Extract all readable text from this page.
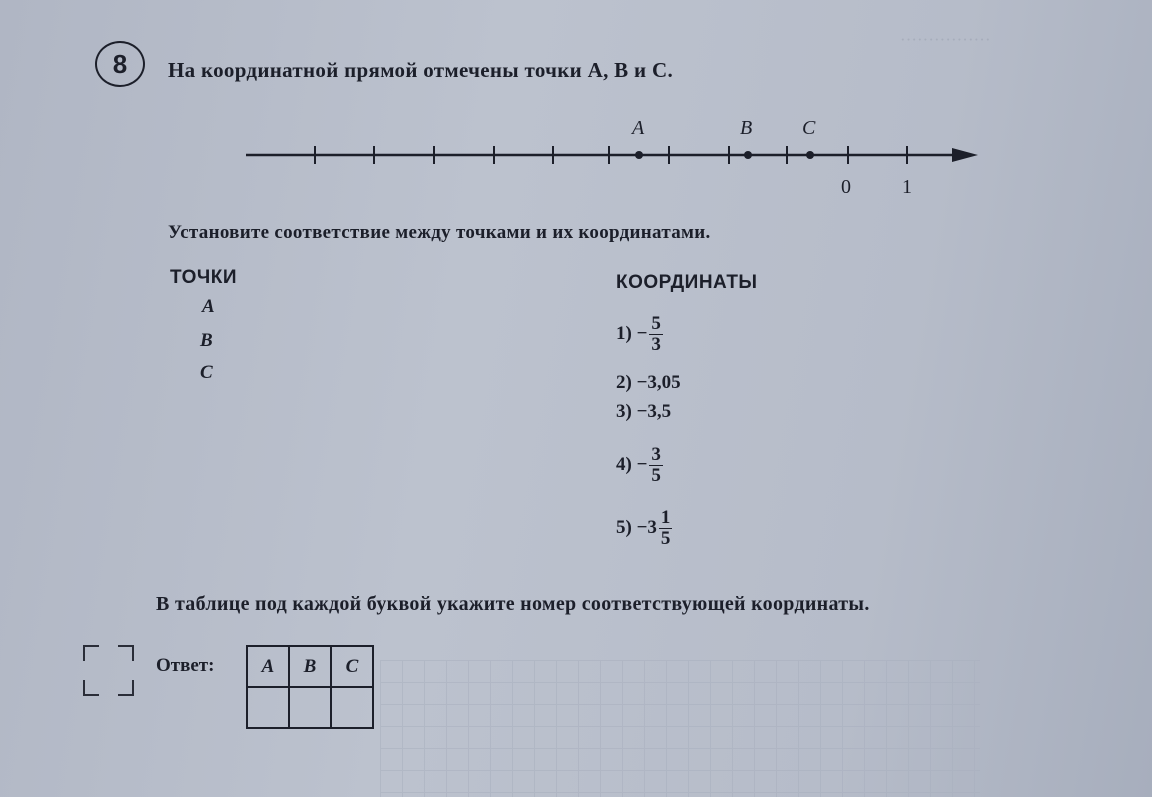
················
8 На координатной прямой отмечены точки A, B и C.
A	B C
0	1
Установите соответствие между точками и их координатами.
ТОЧКИ
A
B
C
КООРДИНАТЫ
1)
− $\frac{5}{3}$
2)
−3,05
3)
−3,5
4)
− $\frac{3}{5}$
5)
− $3 \frac{1}{5}$
В таблице под каждой буквой укажите номер соответствующей координаты.
Ответ: A	B	C
